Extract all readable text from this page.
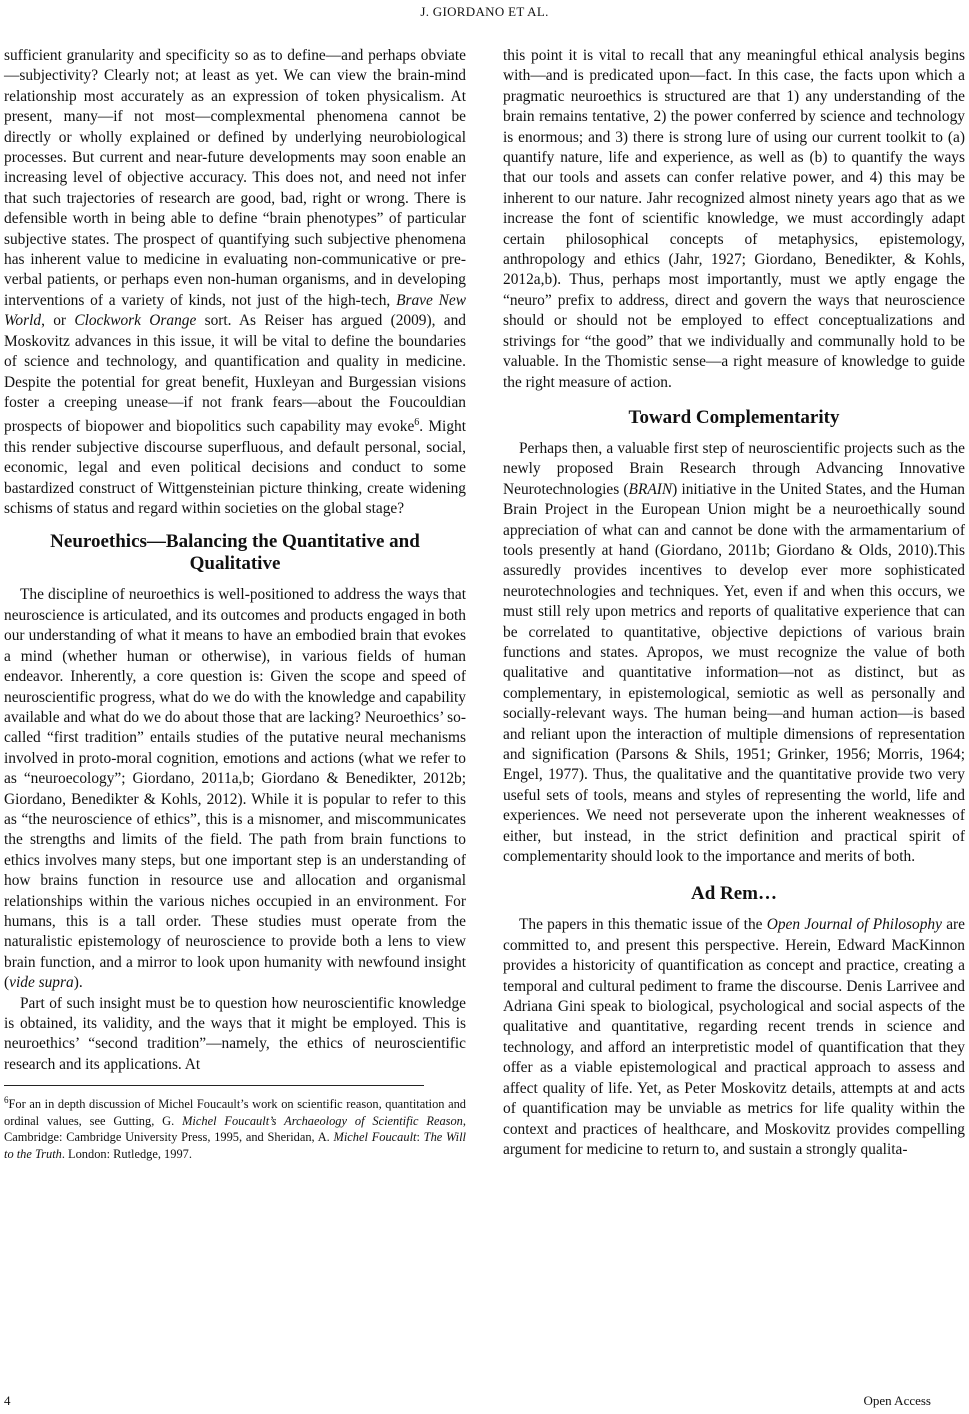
J. GIORDANO ET AL.

sufficient granularity and specificity so as to define—and perhaps obviate—subjectivity? Clearly not; at least as yet. We can view the brain-mind relationship most accurately as an expression of token physicalism. At present, many—if not most—complexmental phenomena cannot be directly or wholly explained or defined by underlying neurobiological processes. But current and near-future developments may soon enable an increasing level of objective accuracy. This does not, and need not infer that such trajectories of research are good, bad, right or wrong. There is defensible worth in being able to define “brain phenotypes” of particular subjective states. The prospect of quantifying such subjective phenomena has inherent value to medicine in evaluating non-communicative or pre-verbal patients, or perhaps even non-human organisms, and in developing interventions of a variety of kinds, not just of the high-tech, Brave New World, or Clockwork Orange sort. As Reiser has argued (2009), and Moskovitz advances in this issue, it will be vital to define the boundaries of science and technology, and quantification and quality in medicine. Despite the potential for great benefit, Huxleyan and Burgessian visions foster a creeping unease—if not frank fears—about the Foucouldian prospects of biopower and biopolitics such capability may evoke$^6$. Might this render subjective discourse superfluous, and default personal, social, economic, legal and even political decisions and conduct to some bastardized construct of Wittgensteinian picture thinking, create widening schisms of status and regard within societies on the global stage?

Neuroethics—Balancing the Quantitative and Qualitative

The discipline of neuroethics is well-positioned to address the ways that neuroscience is articulated, and its outcomes and products engaged in both our understanding of what it means to have an embodied brain that evokes a mind (whether human or otherwise), in various fields of human endeavor. Inherently, a core question is: Given the scope and speed of neuroscientific progress, what do we do with the knowledge and capability available and what do we do about those that are lacking? Neuroethics’ so-called “first tradition” entails studies of the putative neural mechanisms involved in proto-moral cognition, emotions and actions (what we refer to as “neuroecology”; Giordano, 2011a,b; Giordano & Benedikter, 2012b; Giordano, Benedikter & Kohls, 2012). While it is popular to refer to this as “the neuroscience of ethics”, this is a misnomer, and miscommunicates the strengths and limits of the field. The path from brain functions to ethics involves many steps, but one important step is an understanding of how brains function in resource use and allocation and organismal relationships within the various niches occupied in an environment. For humans, this is a tall order. These studies must operate from the naturalistic epistemology of neuroscience to provide both a lens to view brain function, and a mirror to look upon humanity with newfound insight (vide supra).

Part of such insight must be to question how neuroscientific knowledge is obtained, its validity, and the ways that it might be employed. This is neuroethics’ “second tradition”—namely, the ethics of neuroscientific research and its applications. At

$^6$For an in depth discussion of Michel Foucault’s work on scientific reason, quantitation and ordinal values, see Gutting, G. Michel Foucault’s Archaeology of Scientific Reason, Cambridge: Cambridge University Press, 1995, and Sheridan, A. Michel Foucault: The Will to the Truth. London: Rutledge, 1997.

this point it is vital to recall that any meaningful ethical analysis begins with—and is predicated upon—fact. In this case, the facts upon which a pragmatic neuroethics is structured are that 1) any understanding of the brain remains tentative, 2) the power conferred by science and technology is enormous; and 3) there is strong lure of using our current toolkit to (a) quantify nature, life and experience, as well as (b) to quantify the ways that our tools and assets can confer relative power, and 4) this may be inherent to our nature. Jahr recognized almost ninety years ago that as we increase the font of scientific knowledge, we must accordingly adapt certain philosophical concepts of metaphysics, epistemology, anthropology and ethics (Jahr, 1927; Giordano, Benedikter, & Kohls, 2012a,b). Thus, perhaps most importantly, must we aptly engage the “neuro” prefix to address, direct and govern the ways that neuroscience should or should not be employed to effect conceptualizations and strivings for “the good” that we individually and communally hold to be valuable. In the Thomistic sense—a right measure of knowledge to guide the right measure of action.

Toward Complementarity

Perhaps then, a valuable first step of neuroscientific projects such as the newly proposed Brain Research through Advancing Innovative Neurotechnologies (BRAIN) initiative in the United States, and the Human Brain Project in the European Union might be a neuroethically sound appreciation of what can and cannot be done with the armamentarium of tools presently at hand (Giordano, 2011b; Giordano & Olds, 2010).This assuredly provides incentives to develop ever more sophisticated neurotechnologies and techniques. Yet, even if and when this occurs, we must still rely upon metrics and reports of qualitative experience that can be correlated to quantitative, objective depictions of various brain functions and states. Apropos, we must recognize the value of both qualitative and quantitative information—not as distinct, but as complementary, in epistemological, semiotic as well as personally and socially-relevant ways. The human being—and human action—is based and reliant upon the interaction of multiple dimensions of representation and signification (Parsons & Shils, 1951; Grinker, 1956; Morris, 1964; Engel, 1977). Thus, the qualitative and the quantitative provide two very useful sets of tools, means and styles of representing the world, life and experiences. We need not perseverate upon the inherent weaknesses of either, but instead, in the strict definition and practical spirit of complementarity should look to the importance and merits of both.

Ad Rem…

The papers in this thematic issue of the Open Journal of Philosophy are committed to, and present this perspective. Herein, Edward MacKinnon provides a historicity of quantification as concept and practice, creating a temporal and cultural pediment to frame the discourse. Denis Larrivee and Adriana Gini speak to biological, psychological and social aspects of the qualitative and quantitative, regarding recent trends in science and technology, and afford an interpretistic model of quantification that they offer as a viable epistemological and practical approach to assess and affect quality of life. Yet, as Peter Moskovitz details, attempts at and acts of quantification may be unviable as metrics for life quality within the context and practices of healthcare, and Moskovitz provides compelling argument for medicine to return to, and sustain a strongly qualita-

4	Open Access
